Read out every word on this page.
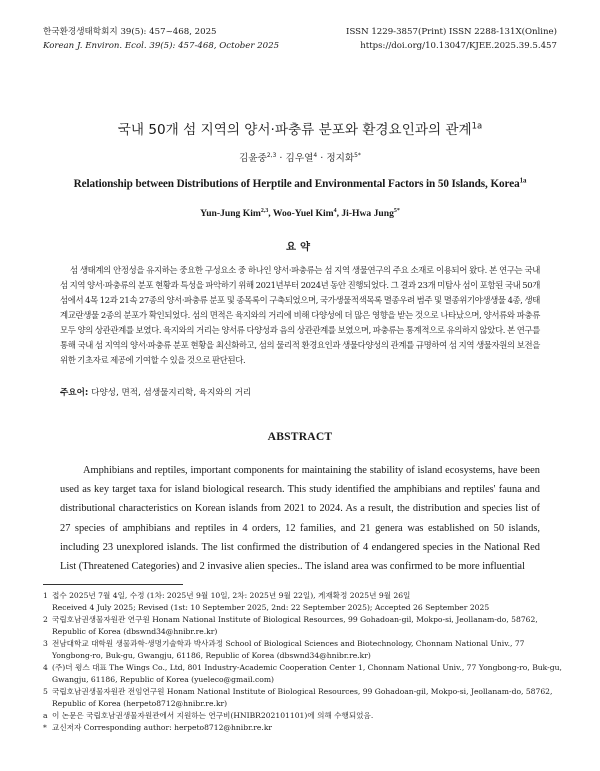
한국환경생태학회지 39(5): 457~468, 2025
Korean J. Environ. Ecol. 39(5): 457-468, October 2025
ISSN 1229-3857(Print) ISSN 2288-131X(Online)
https://doi.org/10.13047/KJEE.2025.39.5.457
국내 50개 섬 지역의 양서·파충류 분포와 환경요인과의 관계$^{1a}$
김윤중$^{2,3}$ · 김우열$^4$ · 정지화$^{5*}$
Relationship between Distributions of Herptile and Environmental Factors in 50 Islands, Korea$^{1a}$
Yun-Jung Kim$^{2,3}$, Woo-Yuel Kim$^4$, Ji-Hwa Jung$^{5*}$
요약

섬 생태계의 안정성을 유지하는 중요한 구성요소 중 하나인 양서·파충류는 섬 지역 생물연구의 주요 소재로 이용되어 왔다. 본 연구는 국내 섬 지역 양서·파충류의 분포 현황과 특성을 파악하기 위해 2021년부터 2024년 동안 진행되었다. 그 결과 23개 미탐사 섬이 포함된 국내 50개 섬에서 4목 12과 21속 27종의 양서·파충류 분포 및 종목록이 구축되었으며, 국가생물적색목록 멸종우려 범주 및 멸종위기야생생물 4종, 생태계교란생물 2종의 분포가 확인되었다. 섬의 면적은 육지와의 거리에 비해 다양성에 더 많은 영향을 받는 것으로 나타났으며, 양서류와 파충류 모두 양의 상관관계를 보였다. 육지와의 거리는 양서류 다양성과 음의 상관관계를 보였으며, 파충류는 통계적으로 유의하지 않았다. 본 연구를 통해 국내 섬 지역의 양서·파충류 분포 현황을 최신화하고, 섬의 물리적 환경요인과 생물다양성의 관계를 규명하여 섬 지역 생물자원의 보전을 위한 기초자료 제공에 기여할 수 있을 것으로 판단된다.

주요어: 다양성, 면적, 섬생물지리학, 육지와의 거리
ABSTRACT

Amphibians and reptiles, important components for maintaining the stability of island ecosystems, have been used as key target taxa for island biological research. This study identified the amphibians and reptiles' fauna and distributional characteristics on Korean islands from 2021 to 2024. As a result, the distribution and species list of 27 species of amphibians and reptiles in 4 orders, 12 families, and 21 genera was established on 50 islands, including 23 unexplored islands. The list confirmed the distribution of 4 endangered species in the National Red List (Threatened Categories) and 2 invasive alien species.. The island area was confirmed to be more influential

1 접수 2025년 7월 4일, 수정 (1차: 2025년 9월 10일, 2차: 2025년 9월 22일), 게재확정 2025년 9월 26일
Received 4 July 2025; Revised (1st: 10 September 2025, 2nd: 22 September 2025); Accepted 26 September 2025
2 국립호남권생물자원관 연구원 Honam National Institute of Biological Resources, 99 Gohadoan-gil, Mokpo-si, Jeollanam-do, 58762, Republic of Korea (dbswnd34@hnibr.re.kr)
3 전남대학교 대학원 생물과학·생명기술학과 박사과정 School of Biological Sciences and Biotechnology, Chonnam National Univ., 77 Yongbong-ro, Buk-gu, Gwangju, 61186, Republic of Korea (dbswnd34@hnibr.re.kr)
4 (주)더 윙스 대표 The Wings Co., Ltd, 801 Industry-Academic Cooperation Center 1, Chonnam National Univ., 77 Yongbong-ro, Buk-gu, Gwangju, 61186, Republic of Korea (yueleco@gmail.com)
5 국립호남권생물자원관 전임연구원 Honam National Institute of Biological Resources, 99 Gohadoan-gil, Mokpo-si, Jeollanam-do, 58762, Republic of Korea (herpeto8712@hnibr.re.kr)
a 이 논문은 국립호남권생물자원관에서 지원하는 연구비(HNIBR202101101)에 의해 수행되었음.
* 교신저자 Corresponding author: herpeto8712@hnibr.re.kr
